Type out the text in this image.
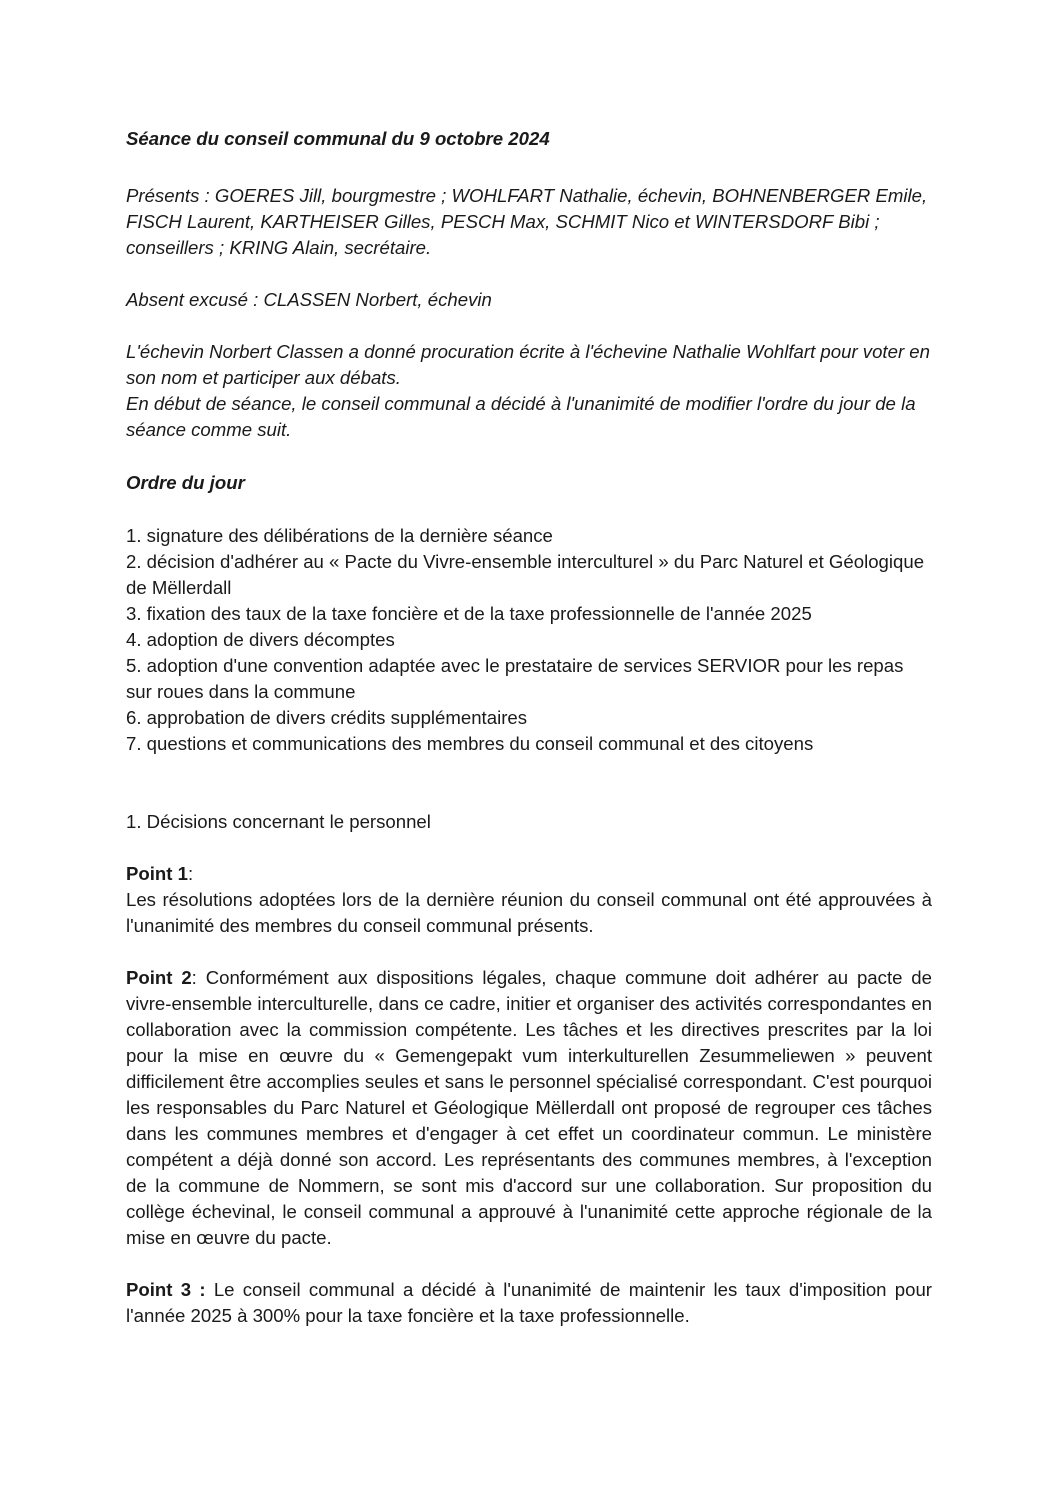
Séance du conseil communal du 9 octobre 2024

Présents : GOERES Jill, bourgmestre ; WOHLFART Nathalie, échevin, BOHNENBERGER Emile, FISCH Laurent, KARTHEISER Gilles, PESCH Max, SCHMIT Nico et WINTERSDORF Bibi ; conseillers ; KRING Alain, secrétaire.

Absent excusé : CLASSEN Norbert, échevin

L'échevin Norbert Classen a donné procuration écrite à l'échevine Nathalie Wohlfart pour voter en son nom et participer aux débats.

En début de séance, le conseil communal a décidé à l'unanimité de modifier l'ordre du jour de la séance comme suit.

Ordre du jour

1. signature des délibérations de la dernière séance
2. décision d'adhérer au « Pacte du Vivre-ensemble interculturel » du Parc Naturel et Géologique de Mëllerdall
3. fixation des taux de la taxe foncière et de la taxe professionnelle de l'année 2025
4. adoption de divers décomptes
5. adoption d'une convention adaptée avec le prestataire de services SERVIOR pour les repas sur roues dans la commune
6. approbation de divers crédits supplémentaires
7. questions et communications des membres du conseil communal et des citoyens

1. Décisions concernant le personnel

Point 1:

Les résolutions adoptées lors de la dernière réunion du conseil communal ont été approuvées à l'unanimité des membres du conseil communal présents.

Point 2: Conformément aux dispositions légales, chaque commune doit adhérer au pacte de vivre-ensemble interculturelle, dans ce cadre, initier et organiser des activités correspondantes en collaboration avec la commission compétente. Les tâches et les directives prescrites par la loi pour la mise en œuvre du « Gemengepakt vum interkulturellen Zesummeliewen » peuvent difficilement être accomplies seules et sans le personnel spécialisé correspondant. C'est pourquoi les responsables du Parc Naturel et Géologique Mëllerdall ont proposé de regrouper ces tâches dans les communes membres et d'engager à cet effet un coordinateur commun. Le ministère compétent a déjà donné son accord. Les représentants des communes membres, à l'exception de la commune de Nommern, se sont mis d'accord sur une collaboration. Sur proposition du collège échevinal, le conseil communal a approuvé à l'unanimité cette approche régionale de la mise en œuvre du pacte.

Point 3 : Le conseil communal a décidé à l'unanimité de maintenir les taux d'imposition pour l'année 2025 à 300% pour la taxe foncière et la taxe professionnelle.
